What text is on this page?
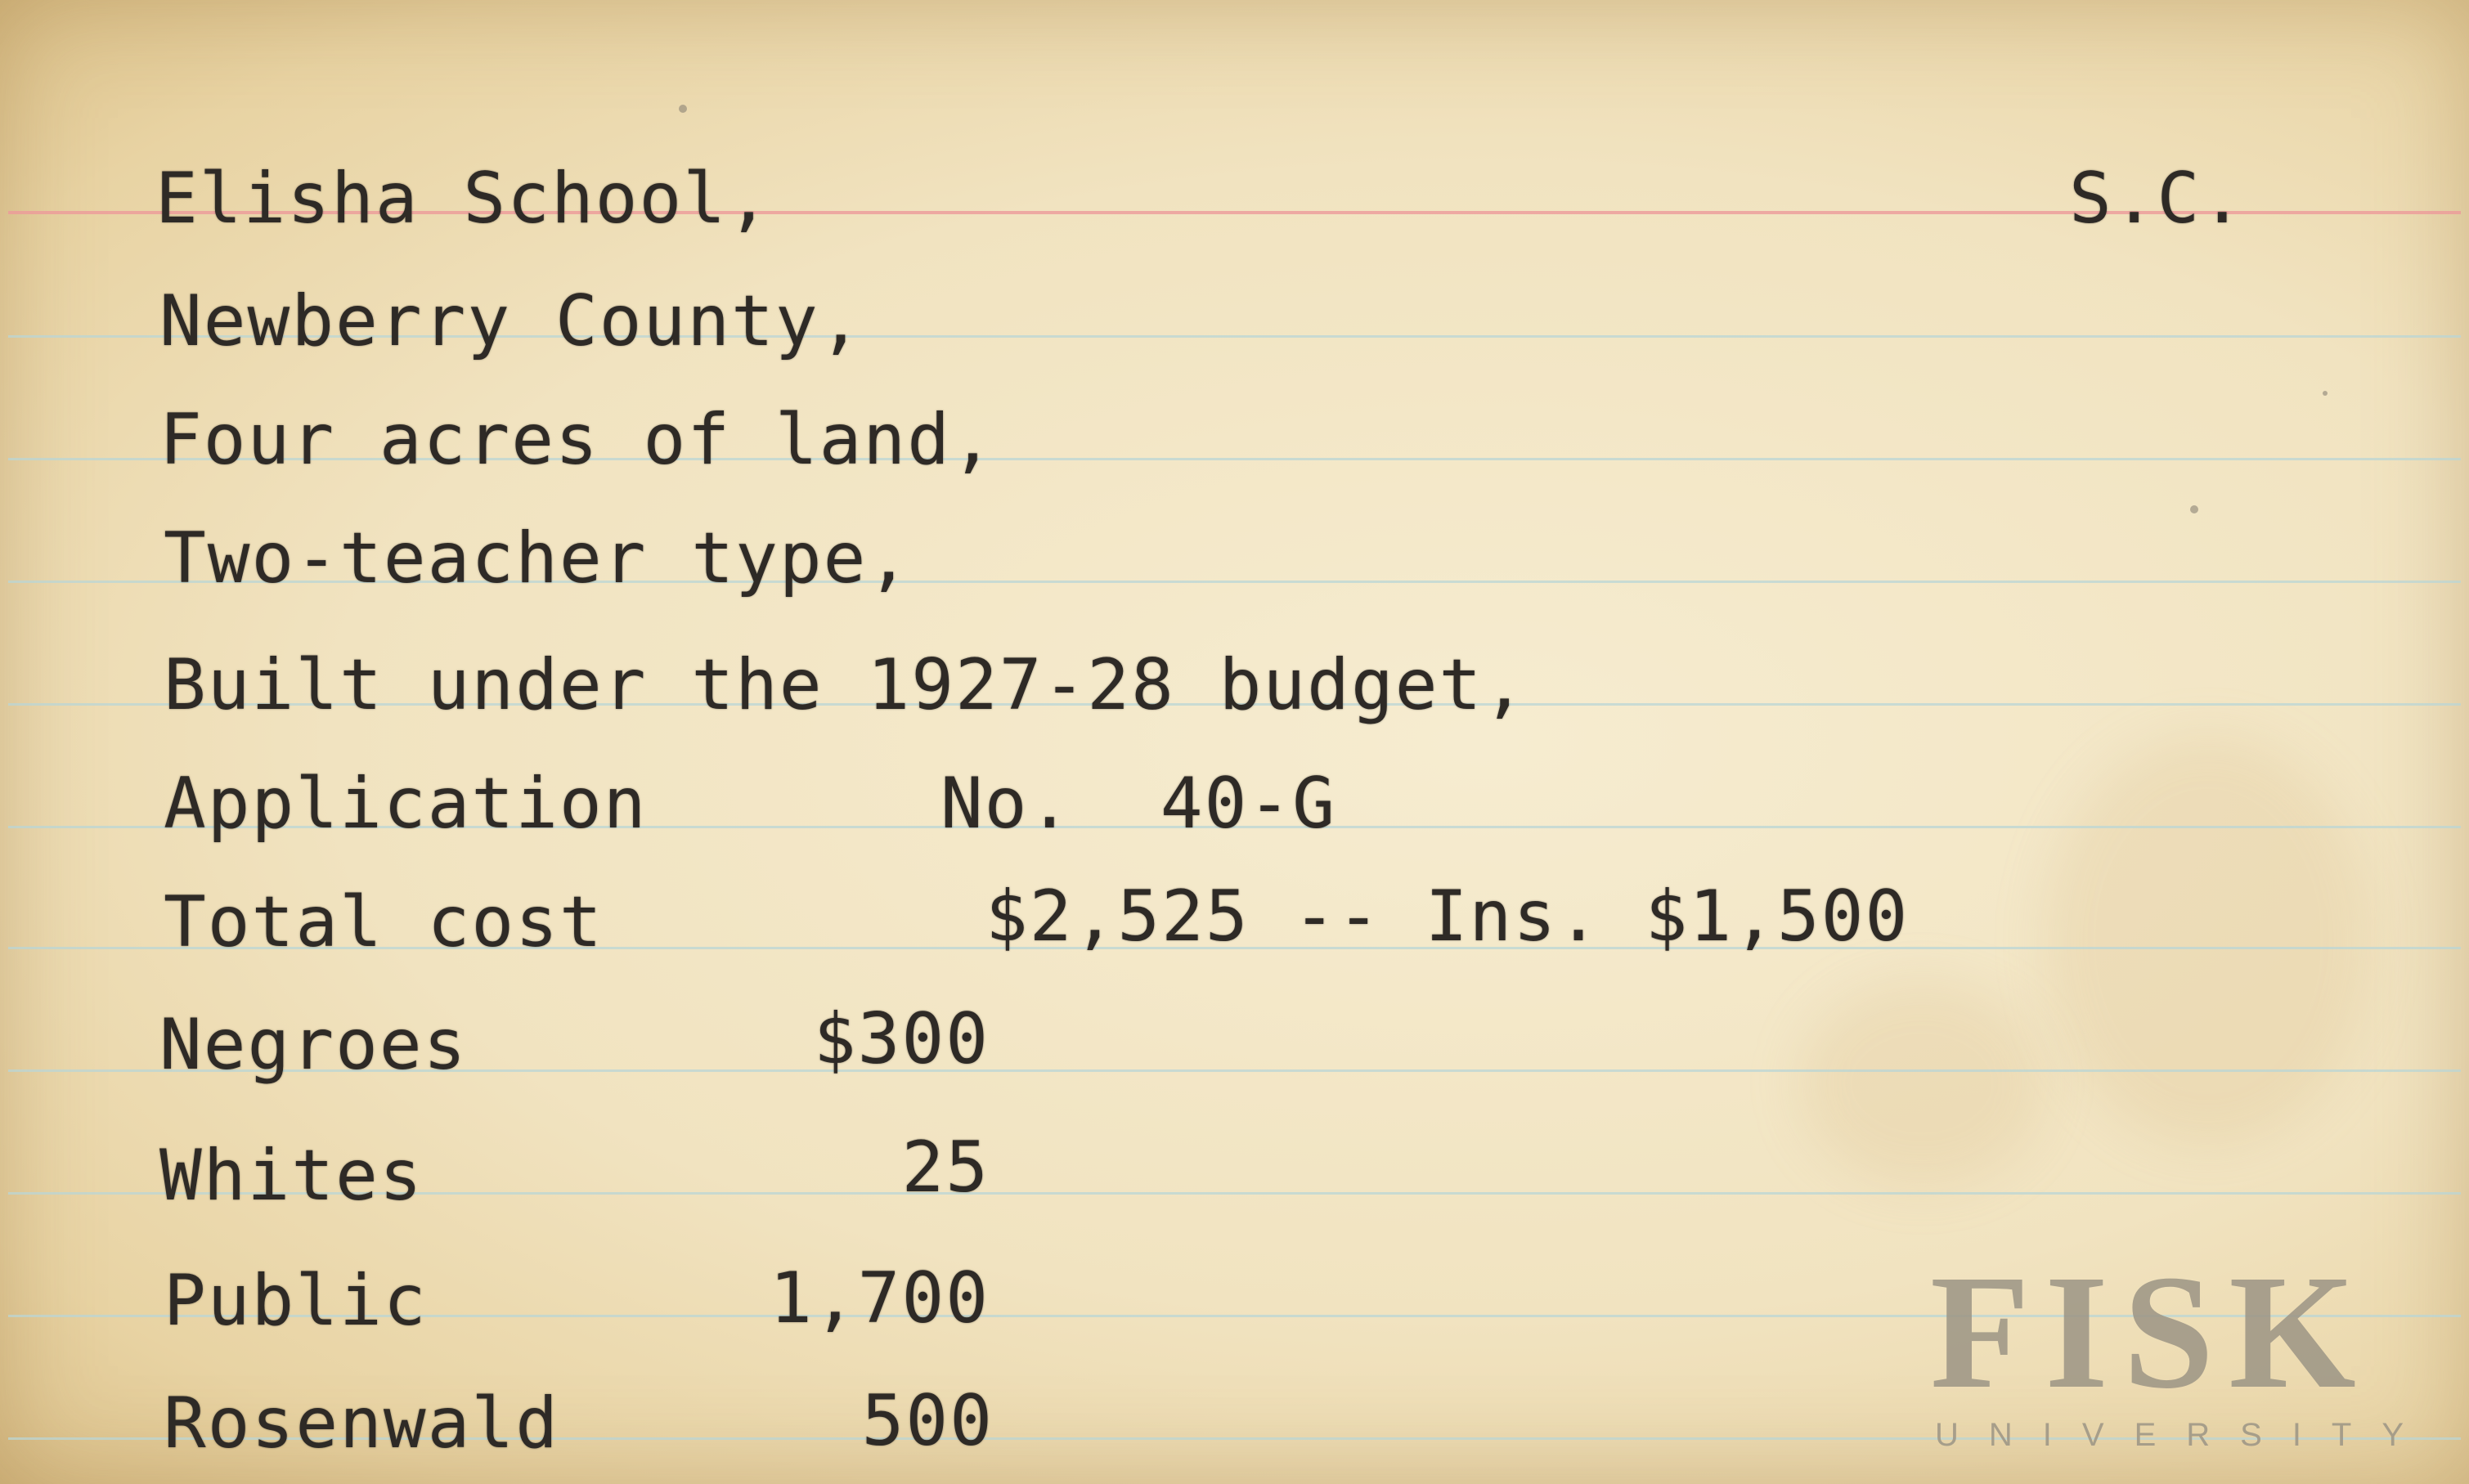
Elisha School,	S.C.
Newberry County,
Four acres of land,
Two-teacher type,
Built under the 1927-28 budget,
Application	No.  40-G
Total cost	$2,525 -- Ins. $1,500
Negroes	$300
Whites	25
Public	1,700
Rosenwald	500	FISK
UNIVERSITY
